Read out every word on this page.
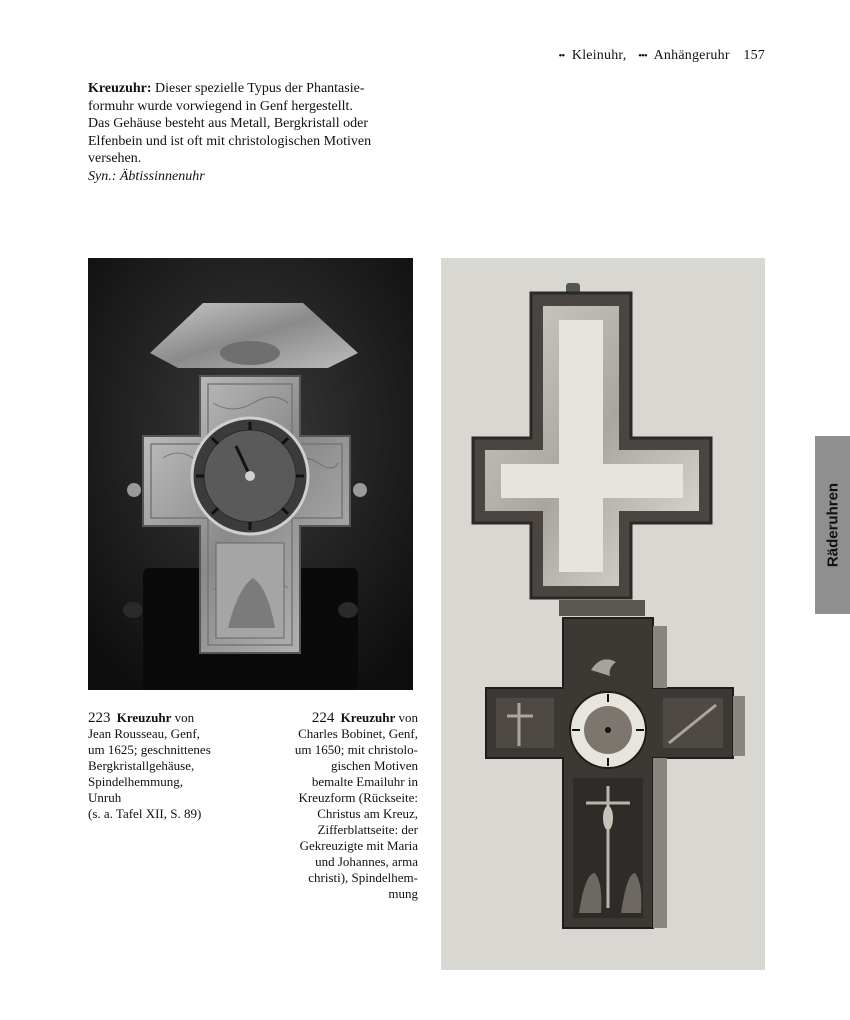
•• Kleinuhr, ••• Anhängeruhr 157
Kreuzuhr: Dieser spezielle Typus der Phantasie-
formuhr wurde vorwiegend in Genf hergestellt.
Das Gehäuse besteht aus Metall, Bergkristall oder
Elfenbein und ist oft mit christologischen Motiven
versehen.
Syn.: Äbtissinnenuhr
223 Kreuzuhr von
Jean Rousseau, Genf,
um 1625; geschnittenes
Bergkristallgehäuse,
Spindelhemmung,
Unruh
(s. a. Tafel XII, S. 89)
224 Kreuzuhr von
Charles Bobinet, Genf,
um 1650; mit christolo-
gischen Motiven
bemalte Emailuhr in
Kreuzform (Rückseite:
Christus am Kreuz,
Zifferblattseite: der
Gekreuzigte mit Maria
und Johannes, arma
christi), Spindelhem-
mung
Räderuhren
